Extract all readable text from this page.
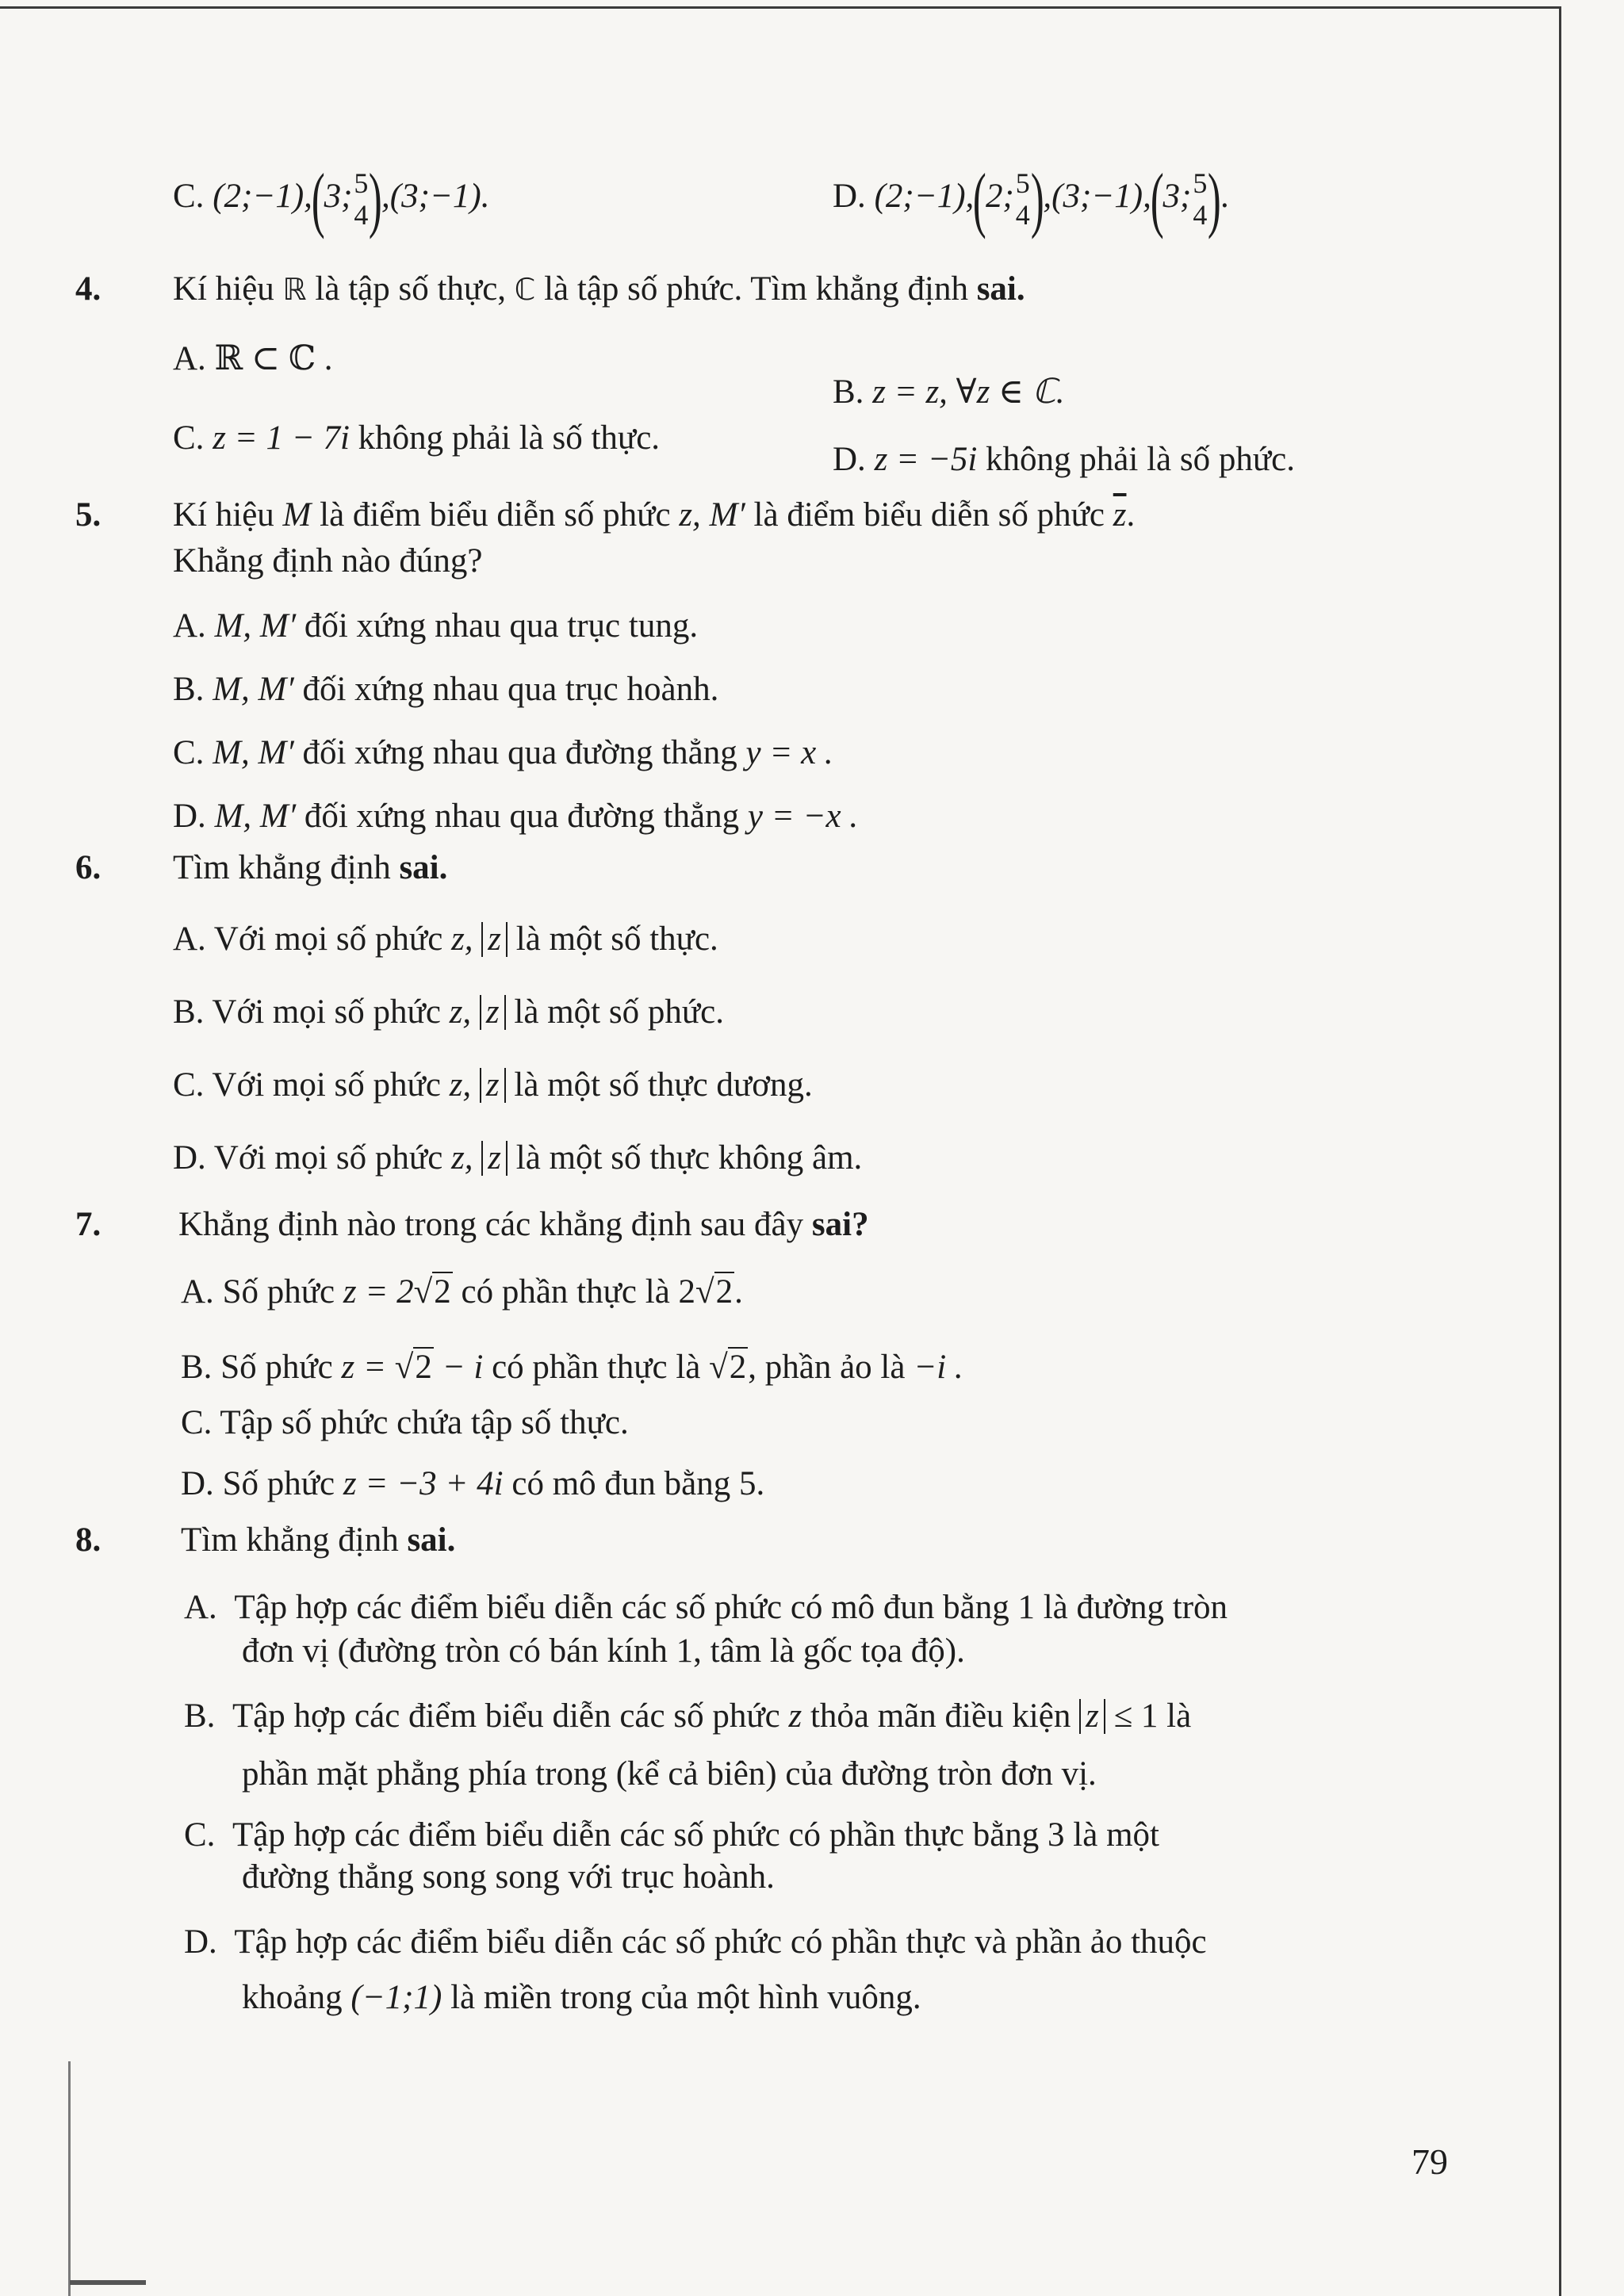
C. (2;−1),(3; 5
4 ),(3;−1).	D. (2;−1),(2; 5
4 ),(3;−1),(3; 5
4 ).
4. Kí hiệu ℝ là tập số thực, ℂ là tập số phức. Tìm khẳng định sai.
A. ℝ ⊂ ℂ .
B. z = z, ∀z ∈ ℂ.
C. z = 1 − 7i không phải là số thực.
D. z = −5i không phải là số phức.
5. Kí hiệu M là điểm biểu diễn số phức z, M′ là điểm biểu diễn số phức $\overline{z}$.
Khẳng định nào đúng?
A. M, M′ đối xứng nhau qua trục tung.
B. M, M′ đối xứng nhau qua trục hoành.
C. M, M′ đối xứng nhau qua đường thẳng y = x .
D. M, M′ đối xứng nhau qua đường thẳng y = −x .
6. Tìm khẳng định sai.
A. Với mọi số phức z, z là một số thực.
B. Với mọi số phức z, z là một số phức.
C. Với mọi số phức z, z là một số thực dương.
D. Với mọi số phức z, z là một số thực không âm.
7. Khẳng định nào trong các khẳng định sau đây sai?
A. Số phức z = 2√2 có phần thực là 2√2.
B. Số phức z = √2 − i có phần thực là √2, phần ảo là −i .
C. Tập số phức chứa tập số thực.
D. Số phức z = −3 + 4i có mô đun bằng 5.
8. Tìm khẳng định sai.
A. Tập hợp các điểm biểu diễn các số phức có mô đun bằng 1 là đường tròn
đơn vị (đường tròn có bán kính 1, tâm là gốc tọa độ).
B. Tập hợp các điểm biểu diễn các số phức z thỏa mãn điều kiện z ≤ 1 là
phần mặt phẳng phía trong (kể cả biên) của đường tròn đơn vị.
C. Tập hợp các điểm biểu diễn các số phức có phần thực bằng 3 là một
đường thẳng song song với trục hoành.
D. Tập hợp các điểm biểu diễn các số phức có phần thực và phần ảo thuộc
khoảng (−1;1) là miền trong của một hình vuông.
79
